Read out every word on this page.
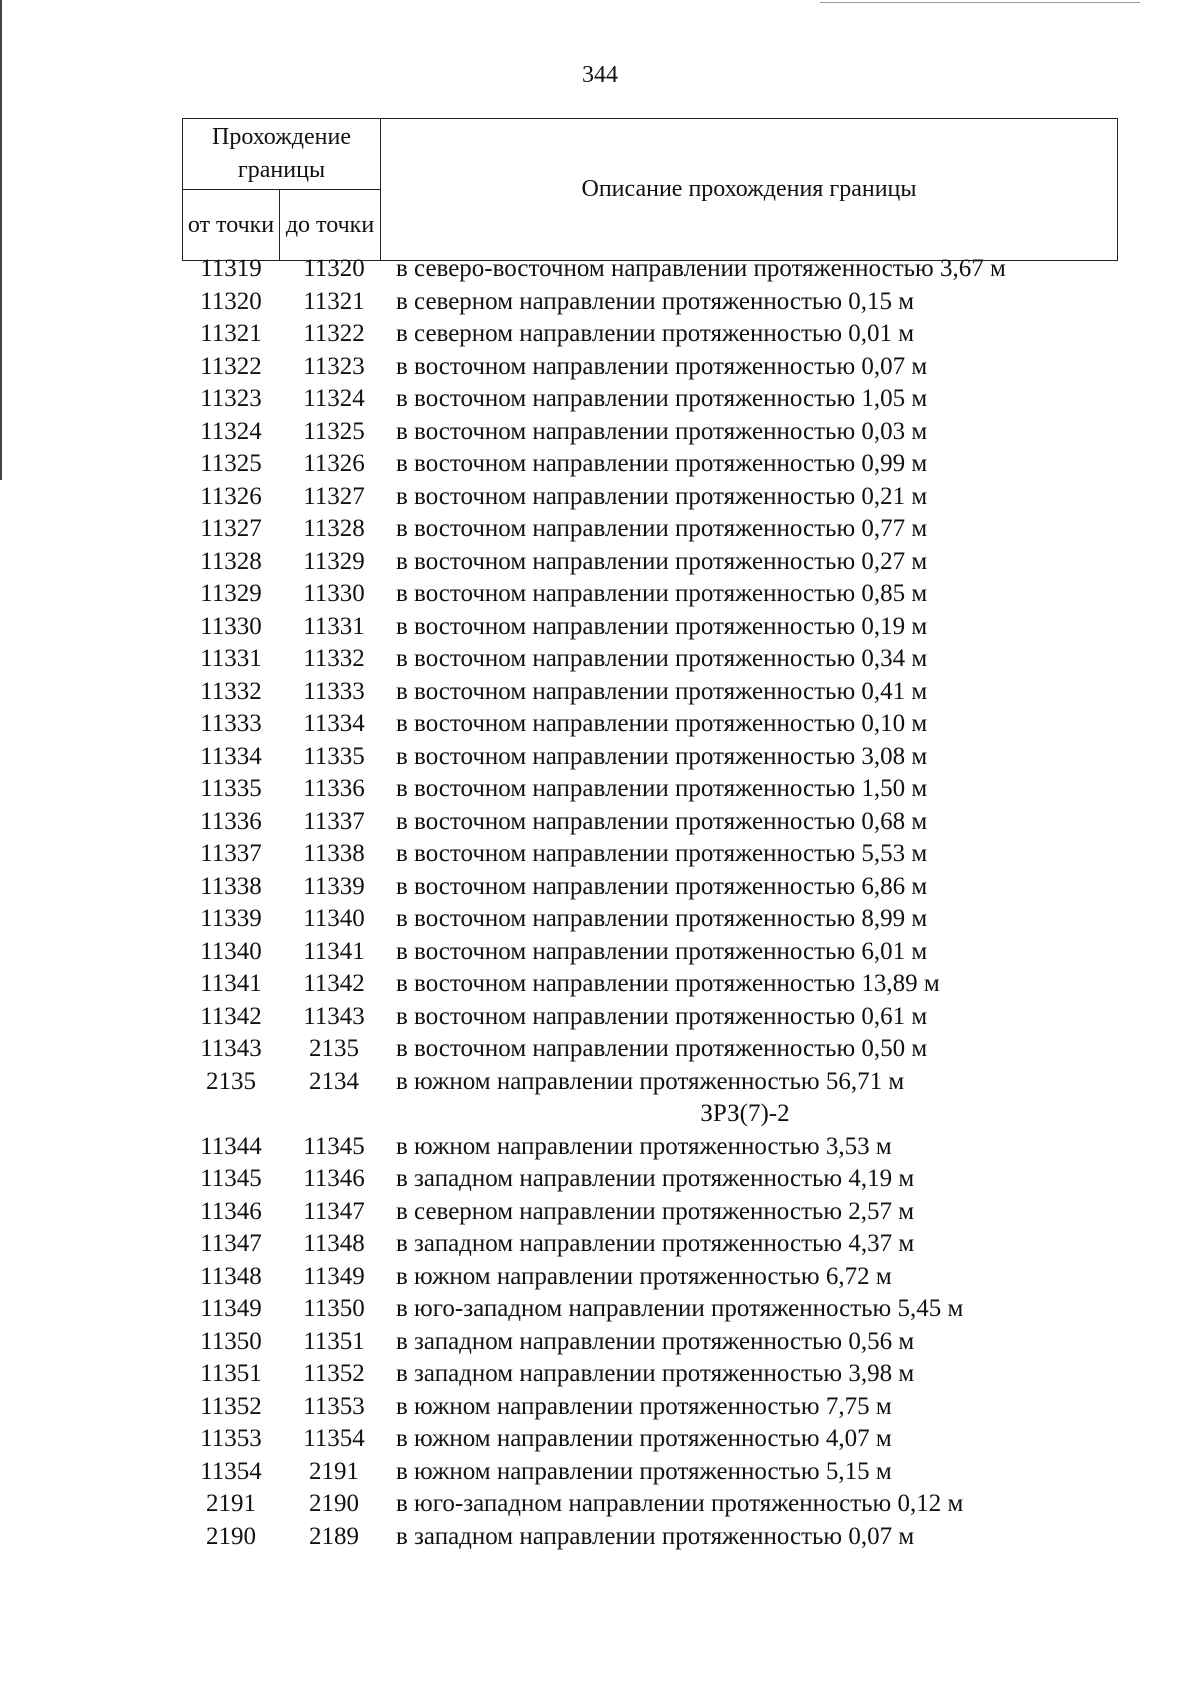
344
Прохождение границы		Описание прохождения границы
от точки	до точки	
11319	11320	в северо-восточном направлении протяженностью 3,67 м
11320	11321	в северном направлении протяженностью 0,15 м
11321	11322	в северном направлении протяженностью 0,01 м
11322	11323	в восточном направлении протяженностью 0,07 м
11323	11324	в восточном направлении протяженностью 1,05 м
11324	11325	в восточном направлении протяженностью 0,03 м
11325	11326	в восточном направлении протяженностью 0,99 м
11326	11327	в восточном направлении протяженностью 0,21 м
11327	11328	в восточном направлении протяженностью 0,77 м
11328	11329	в восточном направлении протяженностью 0,27 м
11329	11330	в восточном направлении протяженностью 0,85 м
11330	11331	в восточном направлении протяженностью 0,19 м
11331	11332	в восточном направлении протяженностью 0,34 м
11332	11333	в восточном направлении протяженностью 0,41 м
11333	11334	в восточном направлении протяженностью 0,10 м
11334	11335	в восточном направлении протяженностью 3,08 м
11335	11336	в восточном направлении протяженностью 1,50 м
11336	11337	в восточном направлении протяженностью 0,68 м
11337	11338	в восточном направлении протяженностью 5,53 м
11338	11339	в восточном направлении протяженностью 6,86 м
11339	11340	в восточном направлении протяженностью 8,99 м
11340	11341	в восточном направлении протяженностью 6,01 м
11341	11342	в восточном направлении протяженностью 13,89 м
11342	11343	в восточном направлении протяженностью 0,61 м
11343	2135	в восточном направлении протяженностью 0,50 м
2135	2134	в южном направлении протяженностью 56,71 м
ЗРЗ(7)-2
11344	11345	в южном направлении протяженностью 3,53 м
11345	11346	в западном направлении протяженностью 4,19 м
11346	11347	в северном направлении протяженностью 2,57 м
11347	11348	в западном направлении протяженностью 4,37 м
11348	11349	в южном направлении протяженностью 6,72 м
11349	11350	в юго-западном направлении протяженностью 5,45 м
11350	11351	в западном направлении протяженностью 0,56 м
11351	11352	в западном направлении протяженностью 3,98 м
11352	11353	в южном направлении протяженностью 7,75 м
11353	11354	в южном направлении протяженностью 4,07 м
11354	2191	в южном направлении протяженностью 5,15 м
2191	2190	в юго-западном направлении протяженностью 0,12 м
2190	2189	в западном направлении протяженностью 0,07 м
